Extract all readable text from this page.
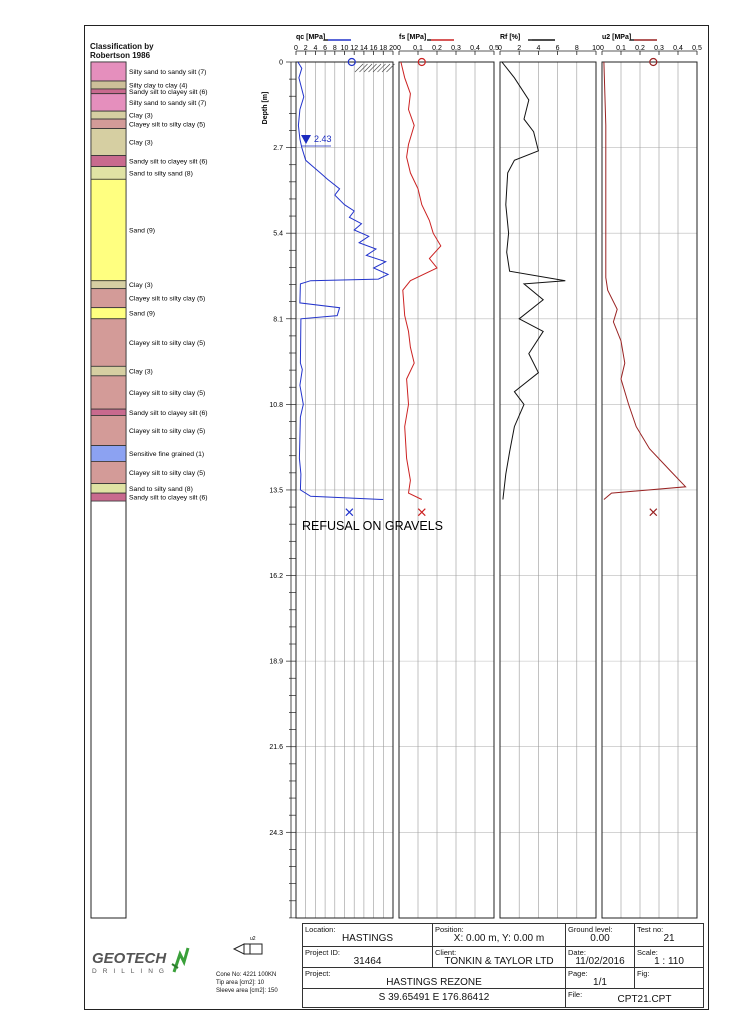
Classification by
Robertson 1986
Silty sand to sandy silt (7)
Silty clay to clay (4)
Sandy silt to clayey silt (6)
Silty sand to sandy silt (7)
Clay (3)
Clayey silt to silty clay (5)
Clay (3)
Sandy silt to clayey silt (6)
Sand to silty sand (8)
Sand (9)
Clay (3)
Clayey silt to silty clay (5)
Sand (9)
Clayey silt to silty clay (5)
Clay (3)
Clayey silt to silty clay (5)
Sandy silt to clayey silt (6)
Clayey silt to silty clay (5)
Sensitive fine grained (1)
Clayey silt to silty clay (5)
Sand to silty sand (8)
Sandy silt to clayey silt (6)
qc [MPa]
0 2 4 6 8 10 12 14 16 18 20
fs [MPa]
0 0.1 0.2 0.3 0.4 0.5
Rf [%]
0 2 4 6 8 10
u2 [MPa]
0 0.1 0.2 0.3 0.4 0.5
0
2.7
5.4
8.1
10.8
13.5
16.2
18.9
21.6
24.3
2.43
Depth [m]
REFUSAL ON GRAVELS
Location:
HASTINGS
Position:
X: 0.00 m, Y: 0.00 m
Ground level:
0.00
Test no:
21
Project ID:
31464
Client:
TONKIN & TAYLOR LTD
Date:
11/02/2016
Scale:
1 : 110
Project:
HASTINGS REZONE
Page:
1/1
Fig:
S 39.65491 E 176.86412	File:	CPT21.CPT
GEOTECH
DRILLING
u2
Cone No: 4221 100KN
Tip area [cm2]: 10
Sleeve area [cm2]: 150
